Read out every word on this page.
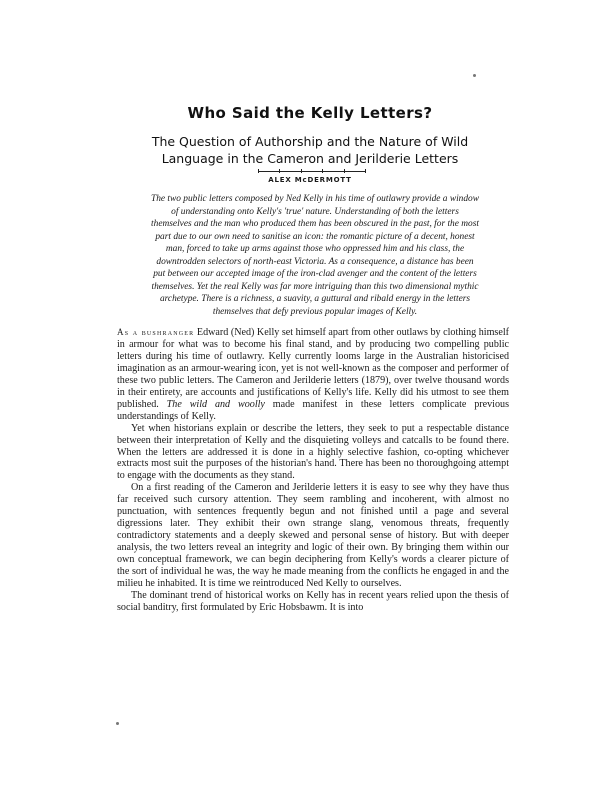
Who Said the Kelly Letters?
The Question of Authorship and the Nature of Wild
Language in the Cameron and Jerilderie Letters

ALEX McDERMOTT

The two public letters composed by Ned Kelly in his time of outlawry provide a window of understanding onto Kelly's 'true' nature. Understanding of both the letters themselves and the man who produced them has been obscured in the past, for the most part due to our own need to sanitise an icon: the romantic picture of a decent, honest man, forced to take up arms against those who oppressed him and his class, the downtrodden selectors of north-east Victoria. As a consequence, a distance has been put between our accepted image of the iron-clad avenger and the content of the letters themselves. Yet the real Kelly was far more intriguing than this two dimensional mythic archetype. There is a richness, a suavity, a guttural and ribald energy in the letters themselves that defy previous popular images of Kelly.

As a bushranger Edward (Ned) Kelly set himself apart from other outlaws by clothing himself in armour for what was to become his final stand, and by producing two compelling public letters during his time of outlawry. Kelly currently looms large in the Australian historicised imagination as an armour-wearing icon, yet is not well-known as the composer and performer of these two public letters. The Cameron and Jerilderie letters (1879), over twelve thousand words in their entirety, are accounts and justifications of Kelly's life. Kelly did his utmost to see them published. The wild and woolly made manifest in these letters complicate previous understandings of Kelly.

Yet when historians explain or describe the letters, they seek to put a respectable distance between their interpretation of Kelly and the disquieting volleys and catcalls to be found there. When the letters are addressed it is done in a highly selective fashion, co-opting whichever extracts most suit the purposes of the historian's hand. There has been no thoroughgoing attempt to engage with the documents as they stand.

On a first reading of the Cameron and Jerilderie letters it is easy to see why they have thus far received such cursory attention. They seem rambling and incoherent, with almost no punctuation, with sentences frequently begun and not finished until a page and several digressions later. They exhibit their own strange slang, venomous threats, frequently contradictory statements and a deeply skewed and personal sense of history. But with deeper analysis, the two letters reveal an integrity and logic of their own. By bringing them within our own conceptual framework, we can begin deciphering from Kelly's words a clearer picture of the sort of individual he was, the way he made meaning from the conflicts he engaged in and the milieu he inhabited. It is time we reintroduced Ned Kelly to ourselves.

The dominant trend of historical works on Kelly has in recent years relied upon the thesis of social banditry, first formulated by Eric Hobsbawm. It is into
